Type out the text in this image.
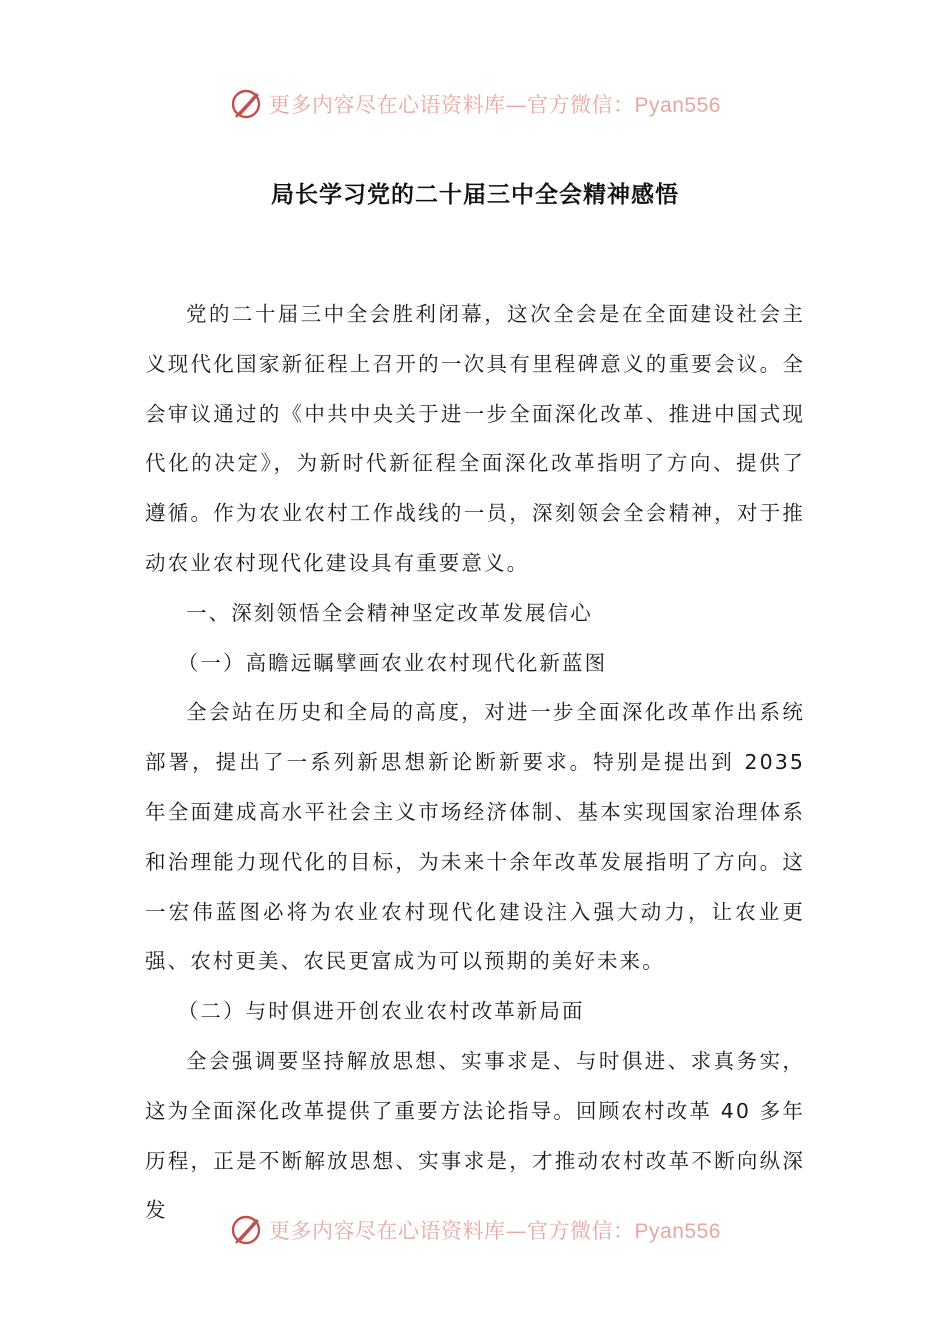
更多内容尽在心语资料库—官方微信：Pyan556
局长学习党的二十届三中全会精神感悟

党的二十届三中全会胜利闭幕，这次全会是在全面建设社会主义现代化国家新征程上召开的一次具有里程碑意义的重要会议。全会审议通过的《中共中央关于进一步全面深化改革、推进中国式现代化的决定》，为新时代新征程全面深化改革指明了方向、提供了遵循。作为农业农村工作战线的一员，深刻领会全会精神，对于推动农业农村现代化建设具有重要意义。

一、深刻领悟全会精神坚定改革发展信心

（一）高瞻远瞩擘画农业农村现代化新蓝图

全会站在历史和全局的高度，对进一步全面深化改革作出系统部署，提出了一系列新思想新论断新要求。特别是提出到 2035 年全面建成高水平社会主义市场经济体制、基本实现国家治理体系和治理能力现代化的目标，为未来十余年改革发展指明了方向。这一宏伟蓝图必将为农业农村现代化建设注入强大动力，让农业更强、农村更美、农民更富成为可以预期的美好未来。

（二）与时俱进开创农业农村改革新局面

全会强调要坚持解放思想、实事求是、与时俱进、求真务实，这为全面深化改革提供了重要方法论指导。回顾农村改革 40 多年历程，正是不断解放思想、实事求是，才推动农村改革不断向纵深发

更多内容尽在心语资料库—官方微信：Pyan556
